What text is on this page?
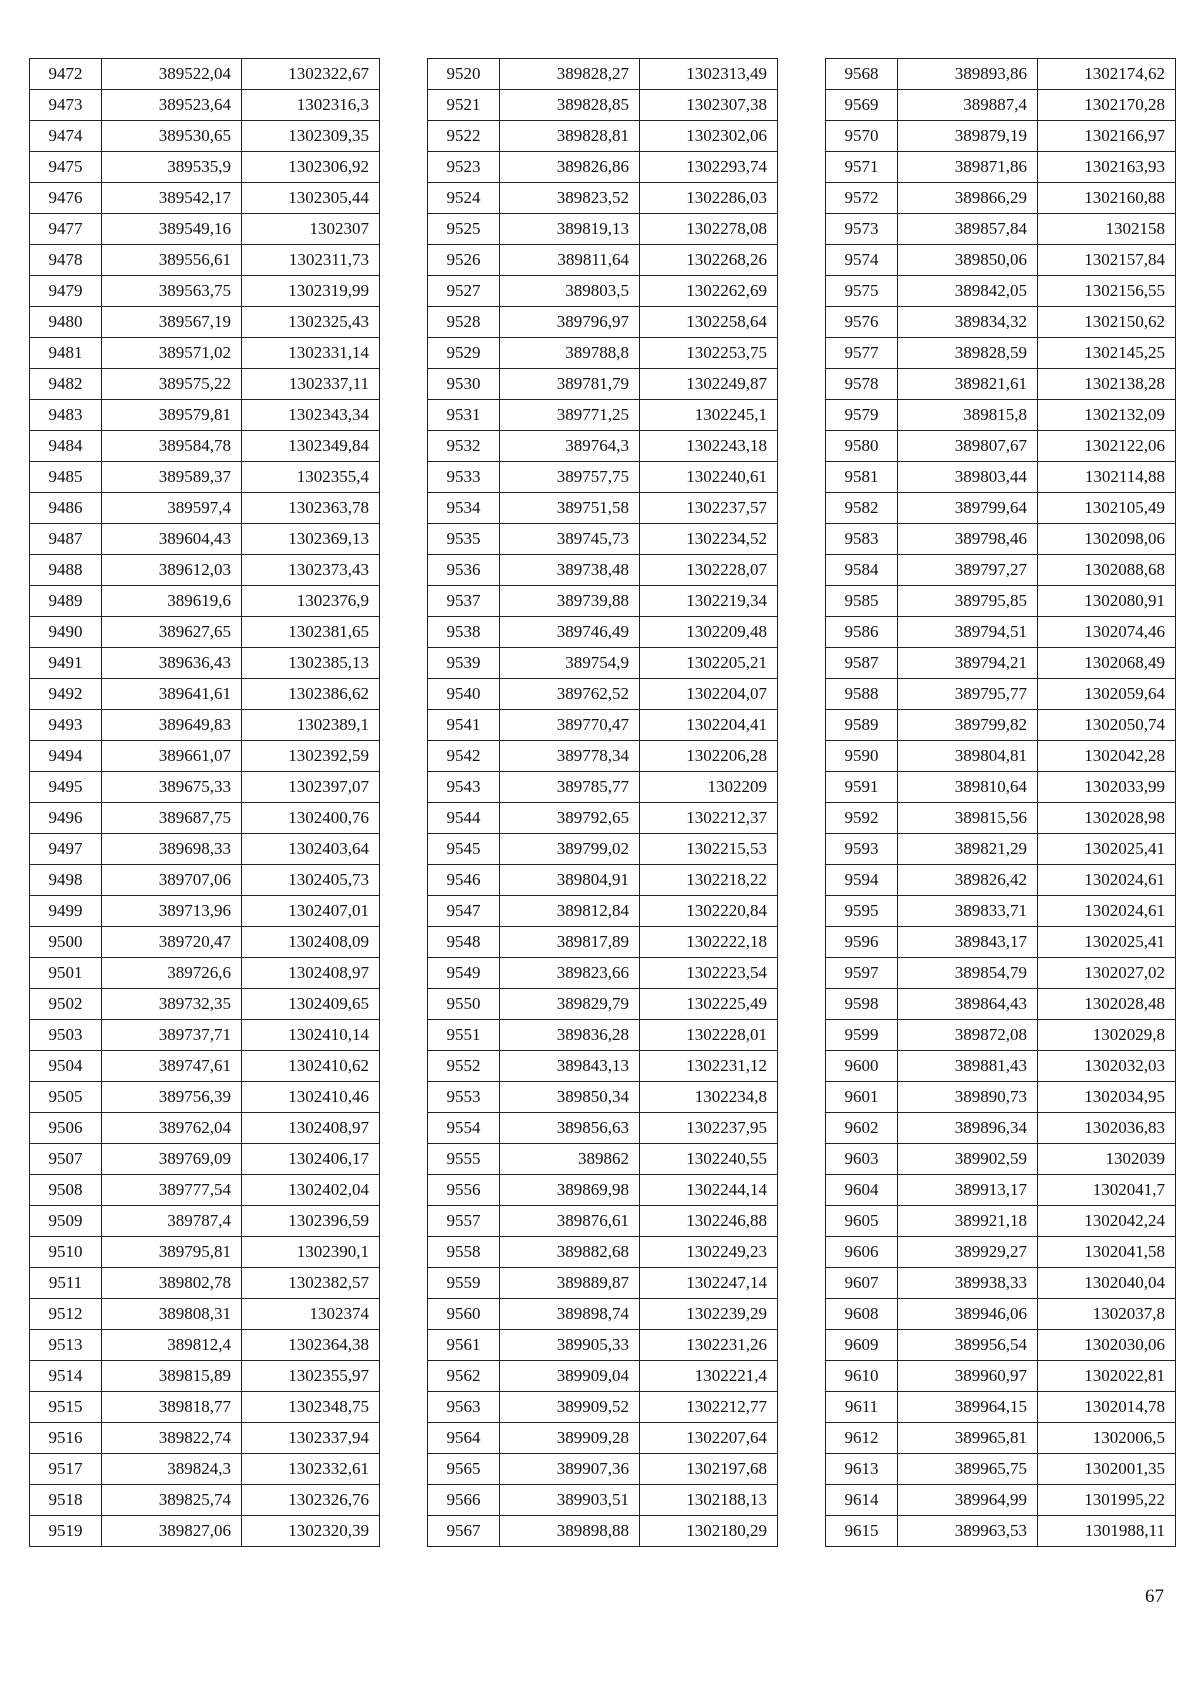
9472	389522,04	1302322,67
9473	389523,64	1302316,3
9474	389530,65	1302309,35
9475	389535,9	1302306,92
9476	389542,17	1302305,44
9477	389549,16	1302307
9478	389556,61	1302311,73
9479	389563,75	1302319,99
9480	389567,19	1302325,43
9481	389571,02	1302331,14
9482	389575,22	1302337,11
9483	389579,81	1302343,34
9484	389584,78	1302349,84
9485	389589,37	1302355,4
9486	389597,4	1302363,78
9487	389604,43	1302369,13
9488	389612,03	1302373,43
9489	389619,6	1302376,9
9490	389627,65	1302381,65
9491	389636,43	1302385,13
9492	389641,61	1302386,62
9493	389649,83	1302389,1
9494	389661,07	1302392,59
9495	389675,33	1302397,07
9496	389687,75	1302400,76
9497	389698,33	1302403,64
9498	389707,06	1302405,73
9499	389713,96	1302407,01
9500	389720,47	1302408,09
9501	389726,6	1302408,97
9502	389732,35	1302409,65
9503	389737,71	1302410,14
9504	389747,61	1302410,62
9505	389756,39	1302410,46
9506	389762,04	1302408,97
9507	389769,09	1302406,17
9508	389777,54	1302402,04
9509	389787,4	1302396,59
9510	389795,81	1302390,1
9511	389802,78	1302382,57
9512	389808,31	1302374
9513	389812,4	1302364,38
9514	389815,89	1302355,97
9515	389818,77	1302348,75
9516	389822,74	1302337,94
9517	389824,3	1302332,61
9518	389825,74	1302326,76
9519	389827,06	1302320,39
9520	389828,27	1302313,49
9521	389828,85	1302307,38
9522	389828,81	1302302,06
9523	389826,86	1302293,74
9524	389823,52	1302286,03
9525	389819,13	1302278,08
9526	389811,64	1302268,26
9527	389803,5	1302262,69
9528	389796,97	1302258,64
9529	389788,8	1302253,75
9530	389781,79	1302249,87
9531	389771,25	1302245,1
9532	389764,3	1302243,18
9533	389757,75	1302240,61
9534	389751,58	1302237,57
9535	389745,73	1302234,52
9536	389738,48	1302228,07
9537	389739,88	1302219,34
9538	389746,49	1302209,48
9539	389754,9	1302205,21
9540	389762,52	1302204,07
9541	389770,47	1302204,41
9542	389778,34	1302206,28
9543	389785,77	1302209
9544	389792,65	1302212,37
9545	389799,02	1302215,53
9546	389804,91	1302218,22
9547	389812,84	1302220,84
9548	389817,89	1302222,18
9549	389823,66	1302223,54
9550	389829,79	1302225,49
9551	389836,28	1302228,01
9552	389843,13	1302231,12
9553	389850,34	1302234,8
9554	389856,63	1302237,95
9555	389862	1302240,55
9556	389869,98	1302244,14
9557	389876,61	1302246,88
9558	389882,68	1302249,23
9559	389889,87	1302247,14
9560	389898,74	1302239,29
9561	389905,33	1302231,26
9562	389909,04	1302221,4
9563	389909,52	1302212,77
9564	389909,28	1302207,64
9565	389907,36	1302197,68
9566	389903,51	1302188,13
9567	389898,88	1302180,29
9568	389893,86	1302174,62
9569	389887,4	1302170,28
9570	389879,19	1302166,97
9571	389871,86	1302163,93
9572	389866,29	1302160,88
9573	389857,84	1302158
9574	389850,06	1302157,84
9575	389842,05	1302156,55
9576	389834,32	1302150,62
9577	389828,59	1302145,25
9578	389821,61	1302138,28
9579	389815,8	1302132,09
9580	389807,67	1302122,06
9581	389803,44	1302114,88
9582	389799,64	1302105,49
9583	389798,46	1302098,06
9584	389797,27	1302088,68
9585	389795,85	1302080,91
9586	389794,51	1302074,46
9587	389794,21	1302068,49
9588	389795,77	1302059,64
9589	389799,82	1302050,74
9590	389804,81	1302042,28
9591	389810,64	1302033,99
9592	389815,56	1302028,98
9593	389821,29	1302025,41
9594	389826,42	1302024,61
9595	389833,71	1302024,61
9596	389843,17	1302025,41
9597	389854,79	1302027,02
9598	389864,43	1302028,48
9599	389872,08	1302029,8
9600	389881,43	1302032,03
9601	389890,73	1302034,95
9602	389896,34	1302036,83
9603	389902,59	1302039
9604	389913,17	1302041,7
9605	389921,18	1302042,24
9606	389929,27	1302041,58
9607	389938,33	1302040,04
9608	389946,06	1302037,8
9609	389956,54	1302030,06
9610	389960,97	1302022,81
9611	389964,15	1302014,78
9612	389965,81	1302006,5
9613	389965,75	1302001,35
9614	389964,99	1301995,22
9615	389963,53	1301988,11
67
